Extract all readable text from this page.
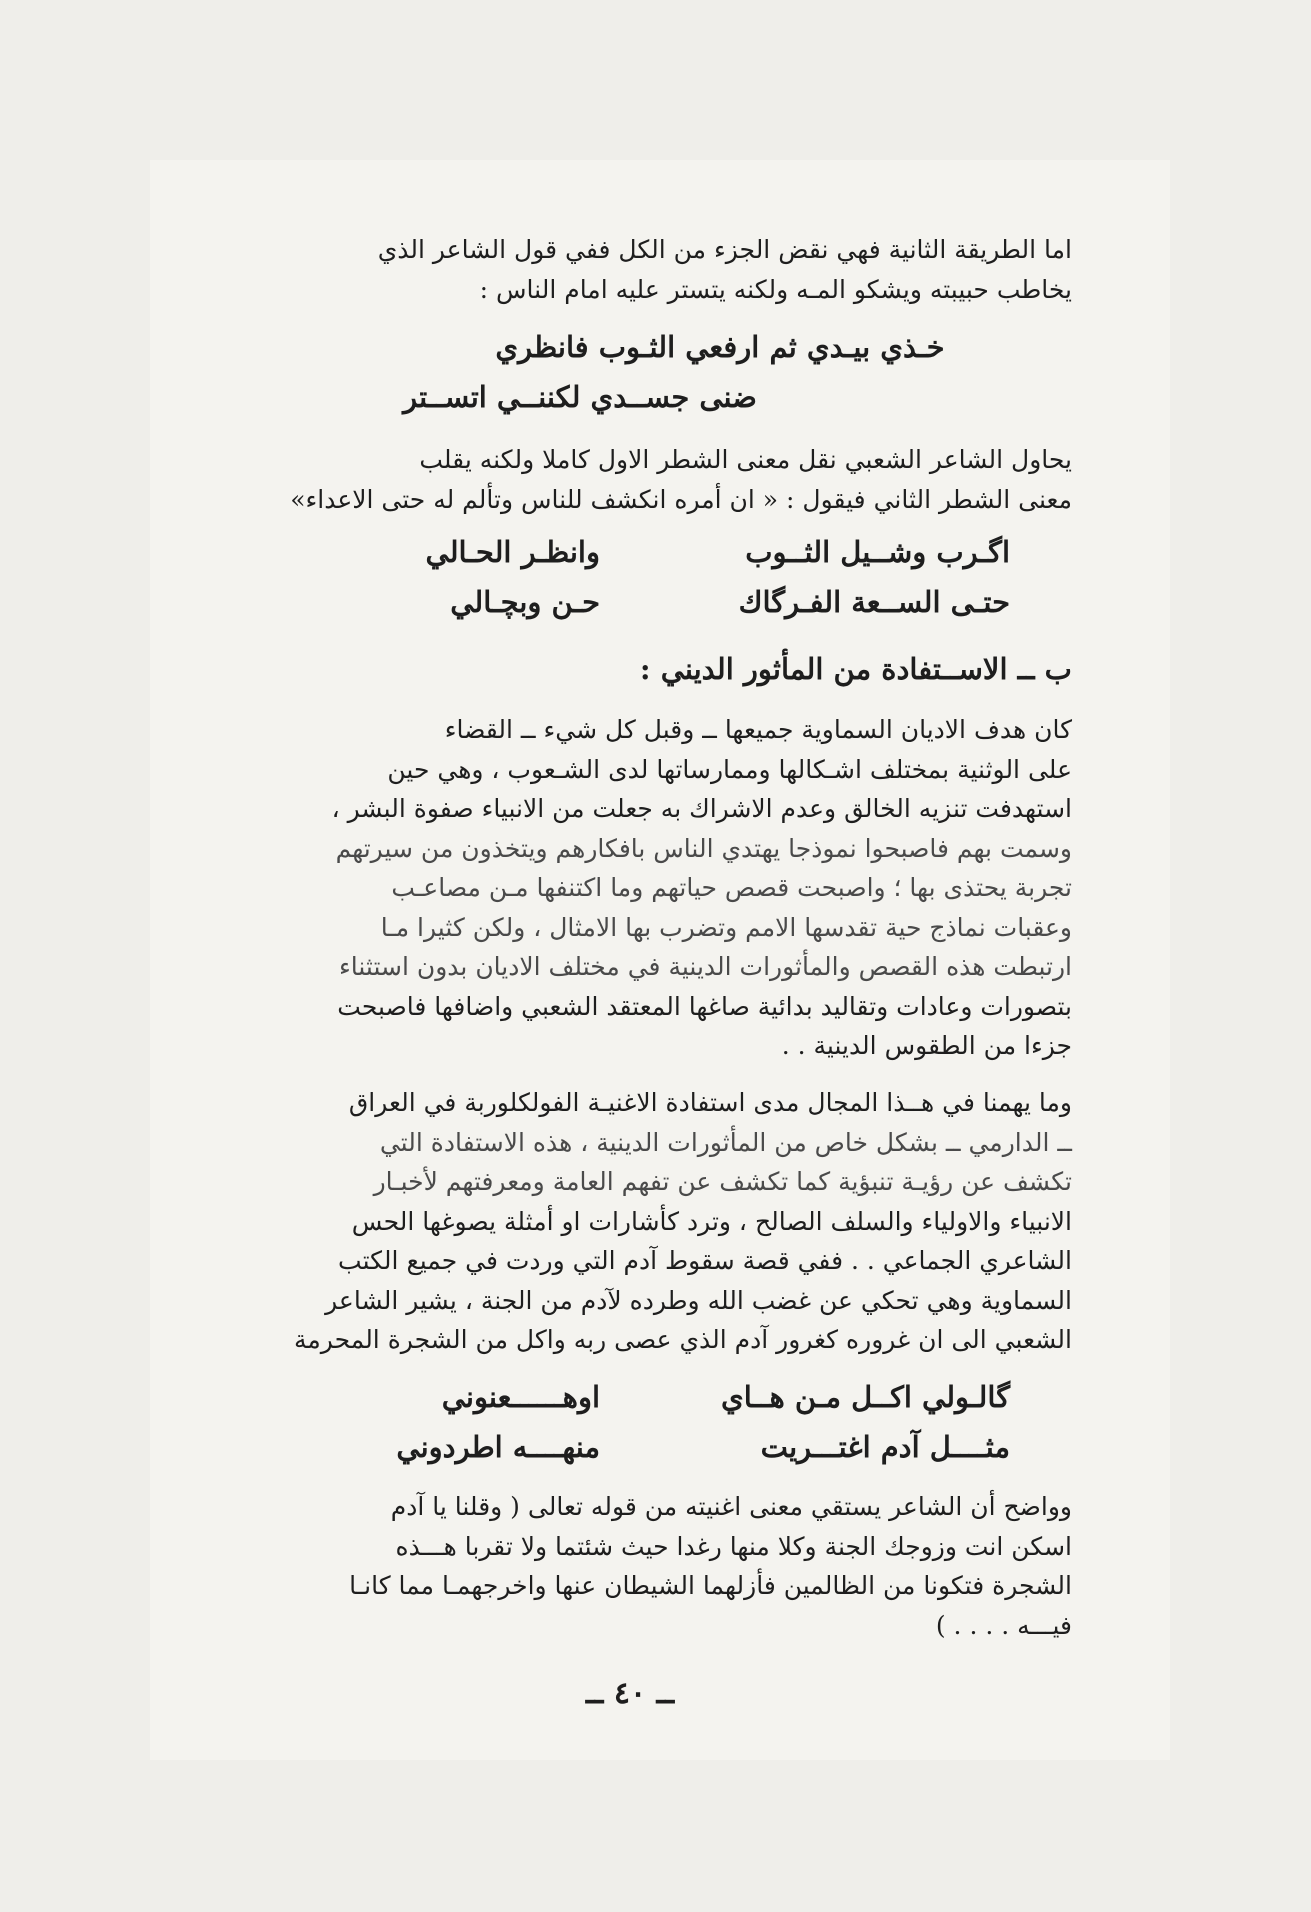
اما الطريقة الثانية فهي نقض الجزء من الكل ففي قول الشاعر الذي
يخاطب حبيبته ويشكو المـه ولكنه يتستر عليه امام الناس :
خـذي بيـدي ثم ارفعي الثـوب فانظري
ضنى جســدي لكننــي اتســتر
يحاول الشاعر الشعبي نقل معنى الشطر الاول كاملا ولكنه يقلب
معنى الشطر الثاني فيقول : « ان أمره انكشف للناس وتألم له حتى الاعداء»
اگـرب وشــيل الثــوب
وانظـر الحـالي
حتـى الســعة الفـرگاك
حـن وبچـالي
ب ــ الاســتفادة من المأثور الديني :
كان هدف الاديان السماوية جميعها ــ وقبل كل شيء ــ القضاء
على الوثنية بمختلف اشـكالها وممارساتها لدى الشـعوب ، وهي حين
استهدفت تنزيه الخالق وعدم الاشراك به جعلت من الانبياء صفوة البشر ،
وسمت بهم فاصبحوا نموذجا يهتدي الناس بافكارهم ويتخذون من سيرتهم
تجربة يحتذى بها ؛ واصبحت قصص حياتهم وما اكتنفها مـن مصاعـب
وعقبات نماذج حية تقدسها الامم وتضرب بها الامثال ، ولكن كثيرا مـا
ارتبطت هذه القصص والمأثورات الدينية في مختلف الاديان بدون استثناء
بتصورات وعادات وتقاليد بدائية صاغها المعتقد الشعبي واضافها فاصبحت
جزءا من الطقوس الدينية . .
وما يهمنا في هــذا المجال مدى استفادة الاغنيـة الفولكلوربة في العراق
ــ الدارمي ــ بشكل خاص من المأثورات الدينية ، هذه الاستفادة التي
تكشف عن رؤيـة تنبؤية كما تكشف عن تفهم العامة ومعرفتهم لأخبـار
الانبياء والاولياء والسلف الصالح ، وترد كأشارات او أمثلة يصوغها الحس
الشاعري الجماعي . . ففي قصة سقوط آدم التي وردت في جميع الكتب
السماوية وهي تحكي عن غضب الله وطرده لآدم من الجنة ، يشير الشاعر
الشعبي الى ان غروره كغرور آدم الذي عصى ربه واكل من الشجرة المحرمة
گالـولي اكــل مـن هــاي
اوهــــــعنوني
مثــــل آدم اغتـــريت
منهــــه اطردوني
وواضح أن الشاعر يستقي معنى اغنيته من قوله تعالى ( وقلنا يا آدم
اسكن انت وزوجك الجنة وكلا منها رغدا حيث شئتما ولا تقربا هـــذه
الشجرة فتكونا من الظالمين فأزلهما الشيطان عنها واخرجهمـا مما كانـا
فيـــه . . . . )
ــ ٤٠ ــ
